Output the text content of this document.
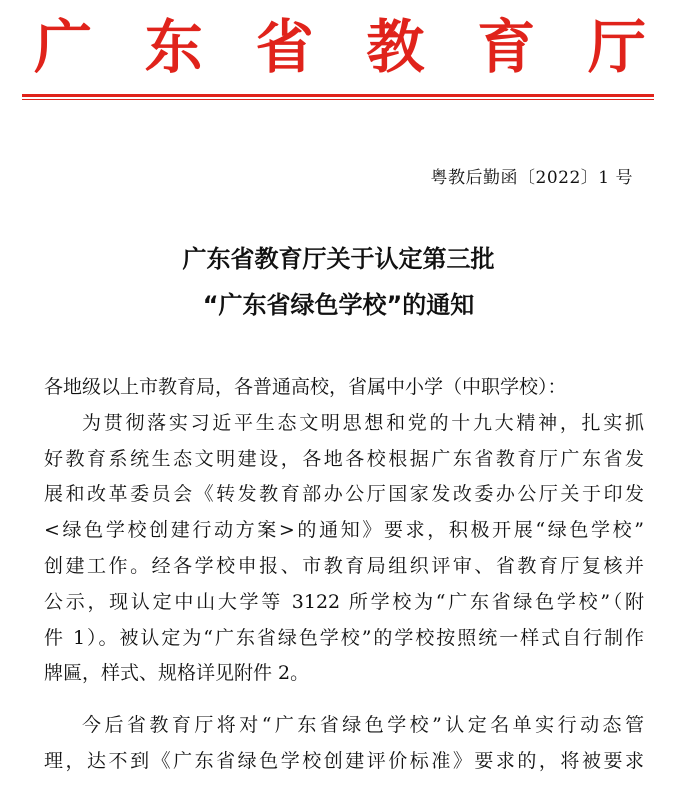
广 东 省 教 育 厅
粤教后勤函〔2022〕1 号
广东省教育厅关于认定第三批
“广东省绿色学校”的通知
各地级以上市教育局，各普通高校，省属中小学（中职学校）：
为贯彻落实习近平生态文明思想和党的十九大精神，扎实抓
好教育系统生态文明建设，各地各校根据广东省教育厅广东省发
展和改革委员会《转发教育部办公厅国家发改委办公厅关于印发
<绿色学校创建行动方案>的通知》要求，积极开展“绿色学校”
创建工作。经各学校申报、市教育局组织评审、省教育厅复核并
公示，现认定中山大学等 3122 所学校为“广东省绿色学校”（附
件 1）。被认定为“广东省绿色学校”的学校按照统一样式自行制作
牌匾，样式、规格详见附件 2。
今后省教育厅将对“广东省绿色学校”认定名单实行动态管
理，达不到《广东省绿色学校创建评价标准》要求的，将被要求
